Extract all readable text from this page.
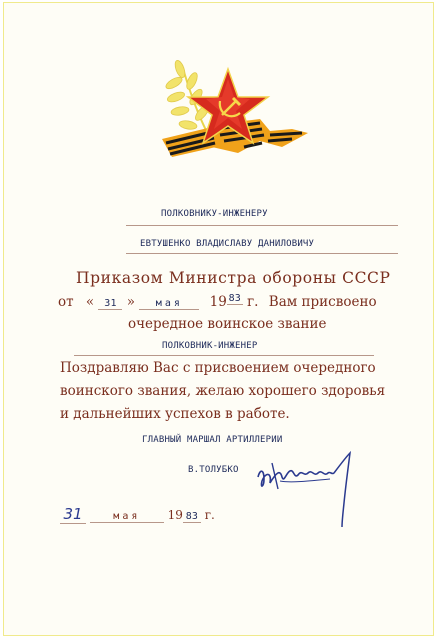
ПОЛКОВНИКУ-ИНЖЕНЕРУ
ЕВТУШЕНКО ВЛАДИСЛАВУ ДАНИЛОВИЧУ
Приказом Министра обороны СССР
от « 31 » мая 19 83 г. Вам присвоено
очередное воинское звание
ПОЛКОВНИК-ИНЖЕНЕР
Поздравляю Вас с присвоением очередного
воинского звания, желаю хорошего здоровья
и дальнейших успехов в работе.
ГЛАВНЫЙ МАРШАЛ АРТИЛЛЕРИИ
В.ТОЛУБКО
31	мая 19 83 г.
